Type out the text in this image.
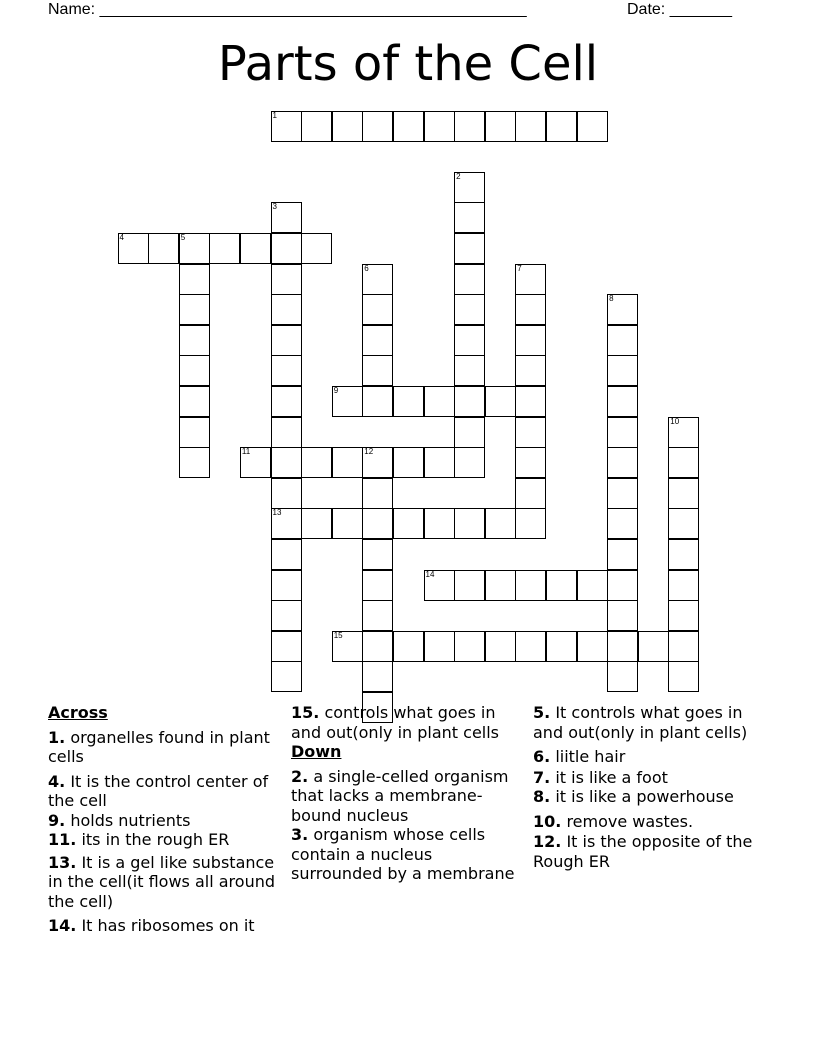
Name: ________________________________________________	Date: _______
Parts of the Cell
1
2
3
13
4	5
6	7
8
9
10
11	12
14
15
Across
1. organelles found in plant cells
4. It is the control center of the cell
9. holds nutrients
11. its in the rough ER
13. It is a gel like substance in the cell(it flows all around the cell)
14. It has ribosomes on it
15. controls what goes in and out(only in plant cells
Down
2. a single-celled organism that lacks a membrane-bound nucleus
3. organism whose cells contain a nucleus surrounded by a membrane
5. It controls what goes in and out(only in plant cells)
6. liitle hair
7. it is like a foot
8. it is like a powerhouse
10. remove wastes.
12. It is the opposite of the Rough ER
